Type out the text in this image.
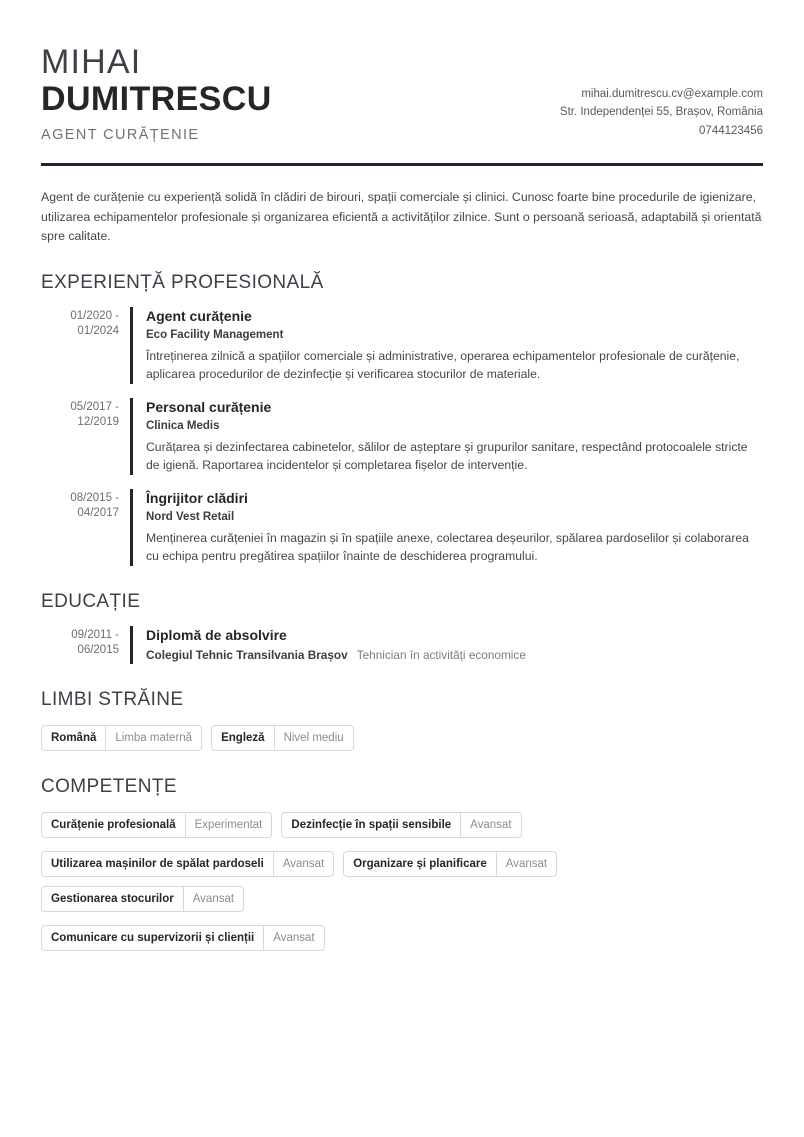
MIHAI
DUMITRESCU
AGENT CURĂȚENIE
mihai.dumitrescu.cv@example.com
Str. Independenței 55, Brașov, România
0744123456
Agent de curățenie cu experiență solidă în clădiri de birouri, spații comerciale și clinici. Cunosc foarte bine procedurile de igienizare, utilizarea echipamentelor profesionale și organizarea eficientă a activităților zilnice. Sunt o persoană serioasă, adaptabilă și orientată spre calitate.
EXPERIENȚĂ PROFESIONALĂ
01/2020 -
01/2024
Agent curățenie
Eco Facility Management
Întreținerea zilnică a spațiilor comerciale și administrative, operarea echipamentelor profesionale de curățenie, aplicarea procedurilor de dezinfecție și verificarea stocurilor de materiale.
05/2017 -
12/2019
Personal curățenie
Clinica Medis
Curățarea și dezinfectarea cabinetelor, sălilor de așteptare și grupurilor sanitare, respectând protocoalele stricte de igienă. Raportarea incidentelor și completarea fișelor de intervenție.
08/2015 -
04/2017
Îngrijitor clădiri
Nord Vest Retail
Menținerea curățeniei în magazin și în spațiile anexe, colectarea deșeurilor, spălarea pardoselilor și colaborarea cu echipa pentru pregătirea spațiilor înainte de deschiderea programului.
EDUCAȚIE
09/2011 -
06/2015
Diplomă de absolvire
Colegiul Tehnic Transilvania Brașov Tehnician în activități economice
LIMBI STRĂINE
Română	Limba maternă	Engleză	Nivel mediu
COMPETENȚE
Curățenie profesională	Experimentat	Dezinfecție în spații sensibile	Avansat
Utilizarea mașinilor de spălat pardoseli	Avansat	Organizare și planificare	Avansat
Gestionarea stocurilor	Avansat
Comunicare cu supervizorii și clienții	Avansat
